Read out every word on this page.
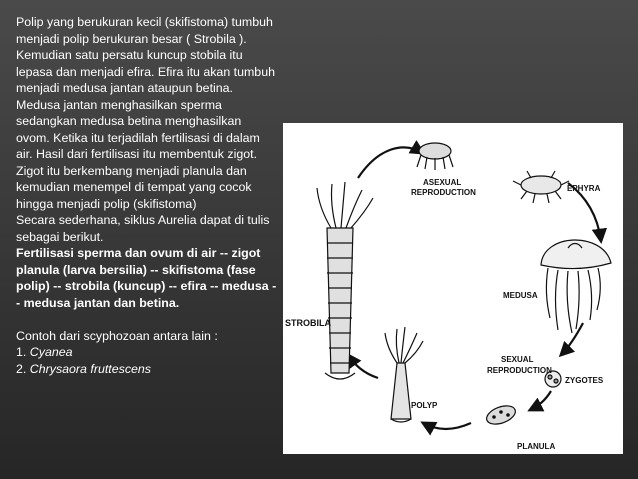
Polip yang berukuran kecil (skifistoma) tumbuh menjadi polip berukuran besar ( Strobila ). Kemudian satu persatu kuncup stobila itu lepasa dan menjadi efira. Efira itu akan tumbuh menjadi medusa jantan ataupun betina. Medusa jantan menghasilkan sperma sedangkan medusa betina menghasilkan ovom. Ketika itu terjadilah fertilisasi di dalam air. Hasil dari fertilisasi itu membentuk zigot. Zigot itu berkembang menjadi planula dan kemudian menempel di tempat yang cocok hingga menjadi polip (skifistoma)

Secara sederhana, siklus Aurelia dapat di tulis sebagai berikut.

Fertilisasi sperma dan ovum di air -- zigot planula (larva bersilia) -- skifistoma (fase polip) -- strobila (kuncup) -- efira -- medusa -- medusa jantan dan betina.

Contoh dari scyphozoan antara lain :

1. Cyanea

2. Chrysaora fruttescens

ASEXUAL
REPRODUCTION	EPHYRA
MEDUSA
SEXUAL
REPRODUCTION
ZYGOTES
PLANULA
POLYP
STROBILA
